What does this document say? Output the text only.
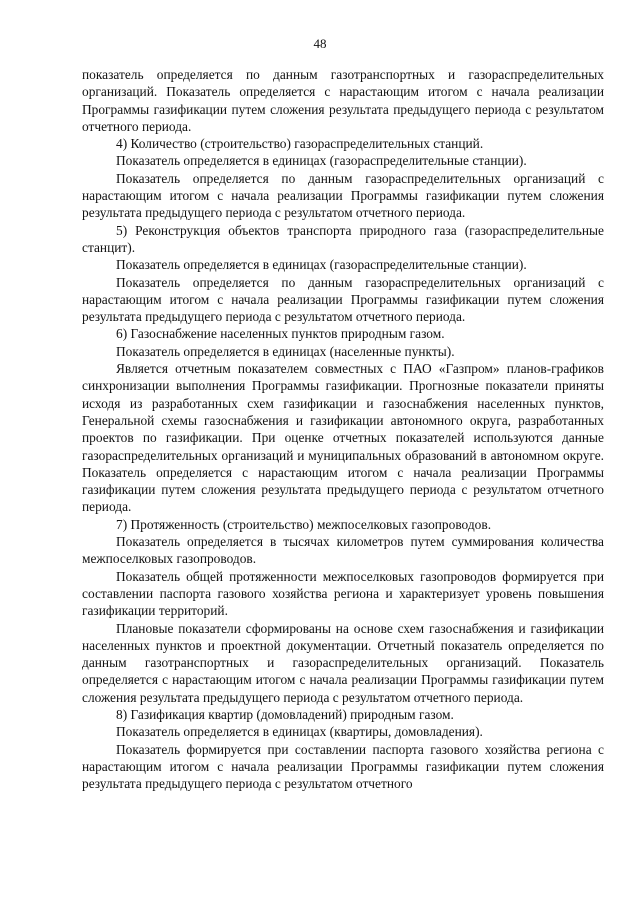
48

показатель определяется по данным газотранспортных и газораспределительных организаций. Показатель определяется с нарастающим итогом с начала реализации Программы газификации путем сложения результата предыдущего периода с результатом отчетного периода.

4) Количество (строительство) газораспределительных станций.

Показатель определяется в единицах (газораспределительные станции).

Показатель определяется по данным газораспределительных организаций с нарастающим итогом с начала реализации Программы газификации путем сложения результата предыдущего периода с результатом отчетного периода.

5) Реконструкция объектов транспорта природного газа (газораспределительные станцит).

Показатель определяется в единицах (газораспределительные станции).

Показатель определяется по данным газораспределительных организаций с нарастающим итогом с начала реализации Программы газификации путем сложения результата предыдущего периода с результатом отчетного периода.

6) Газоснабжение населенных пунктов природным газом.

Показатель определяется в единицах (населенные пункты).

Является отчетным показателем совместных с ПАО «Газпром» планов-графиков синхронизации выполнения Программы газификации. Прогнозные показатели приняты исходя из разработанных схем газификации и газоснабжения населенных пунктов, Генеральной схемы газоснабжения и газификации автономного округа, разработанных проектов по газификации. При оценке отчетных показателей используются данные газораспределительных организаций и муниципальных образований в автономном округе. Показатель определяется с нарастающим итогом с начала реализации Программы газификации путем сложения результата предыдущего периода с результатом отчетного периода.

7) Протяженность (строительство) межпоселковых газопроводов.

Показатель определяется в тысячах километров путем суммирования количества межпоселковых газопроводов.

Показатель общей протяженности межпоселковых газопроводов формируется при составлении паспорта газового хозяйства региона и характеризует уровень повышения газификации территорий.

Плановые показатели сформированы на основе схем газоснабжения и газификации населенных пунктов и проектной документации. Отчетный показатель определяется по данным газотранспортных и газораспределительных организаций. Показатель определяется с нарастающим итогом с начала реализации Программы газификации путем сложения результата предыдущего периода с результатом отчетного периода.

8) Газификация квартир (домовладений) природным газом.

Показатель определяется в единицах (квартиры, домовладения).

Показатель формируется при составлении паспорта газового хозяйства региона с нарастающим итогом с начала реализации Программы газификации путем сложения результата предыдущего периода с результатом отчетного
